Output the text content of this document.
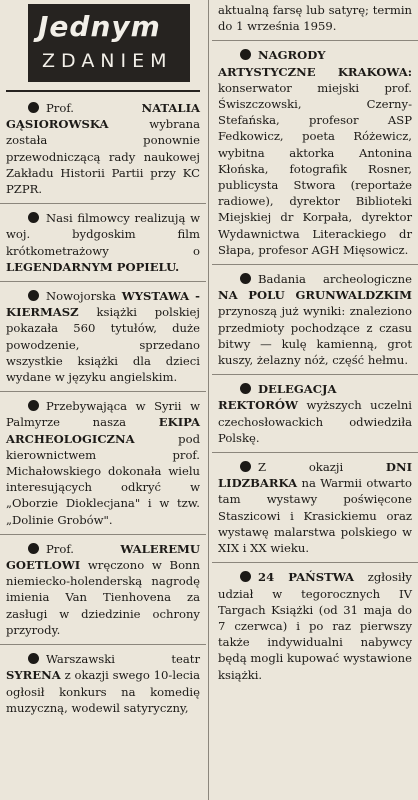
Jednym
ZDANIEM

Prof.	NATALIA GĄSIOROWSKA	wybrana została ponownie przewodniczącą rady naukowej Zakładu Historii Partii przy KC PZPR.

Nasi filmowcy realizują w woj. bydgoskim film krótkometrażowy o LEGENDARNYM POPIELU.

Nowojorska WYSTAWA - KIERMASZ książki polskiej pokazała 560 tytułów, duże powodzenie, sprzedano wszystkie książki dla dzieci wydane w języku angielskim.

Przebywająca w Syrii w Palmyrze nasza	EKIPA ARCHEOLOGICZNA	pod kierownictwem prof. Michałowskiego dokonała wielu interesujących odkryć w „Oborzie Dioklecjana" i w tzw. „Dolinie Grobów".

Prof.	WALEREMU GOETLOWI wręczono w Bonn niemiecko-holenderską nagrodę imienia Van Tienhovena za zasługi w dziedzinie ochrony przyrody.

Warszawski teatr SYRENA z okazji swego 10-lecia ogłosił konkurs na komedię muzyczną, wodewil satyryczny,

aktualną farsę lub satyrę; termin do 1 września 1959.

NAGRODY ARTYSTYCZNE KRAKOWA: konserwator miejski prof. Świszczowski, Czerny-Stefańska, profesor ASP Fedkowicz, poeta Różewicz, wybitna aktorka Antonina Kłońska, fotografik Rosner, publicysta Stwora (reportaże radiowe), dyrektor Biblioteki Miejskiej dr Korpała, dyrektor Wydawnictwa Literackiego dr Słapa, profesor AGH Mięsowicz.

Badania archeologiczne NA POLU GRUNWALDZKIM przynoszą już wyniki: znaleziono przedmioty pochodzące z czasu bitwy — kulę kamienną, grot kuszy, żelazny nóż, część hełmu.

DELEGACJA REKTORÓW wyższych uczelni czechosłowackich odwiedziła Polskę.

Z okazji	DNI LIDZBARKA na Warmii otwarto tam wystawy poświęcone Staszicowi i Krasickiemu oraz wystawę malarstwa polskiego w XIX i XX wieku.

24 PAŃSTWA zgłosiły udział w tegorocznych IV Targach Książki (od 31 maja do 7 czerwca) i po raz pierwszy także indywidualni nabywcy będą mogli kupować wystawione książki.
